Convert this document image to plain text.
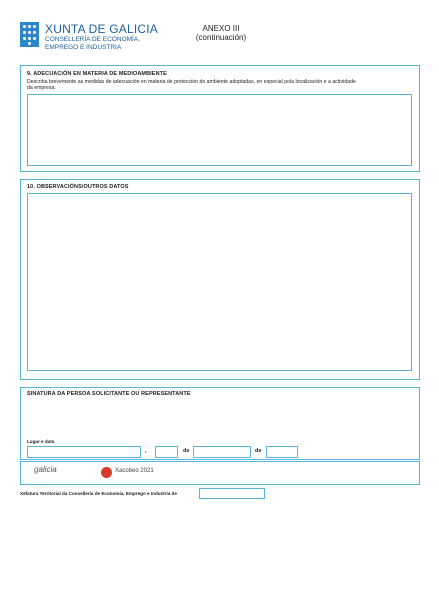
XUNTA DE GALICIA
CONSELLERÍA DE ECONOMÍA,
EMPREGO E INDUSTRIA
ANEXO III
(continuación)
9. ADECUACIÓN EN MATERIA DE MEDIOAMBIENTE
Describa brevemente as medidas de adecuación en materia de protección do ambiente adoptadas, en especial pola localización e a actividade
da empresa:
10. OBSERVACIÓNS/OUTROS DATOS
SINATURA DA PERSOA SOLICITANTE OU REPRESENTANTE
Lugar e data
,	de	de
galicia	Xacobeo 2021
Xefatura Territorial da Consellería de Economía, Emprego e Industria de
